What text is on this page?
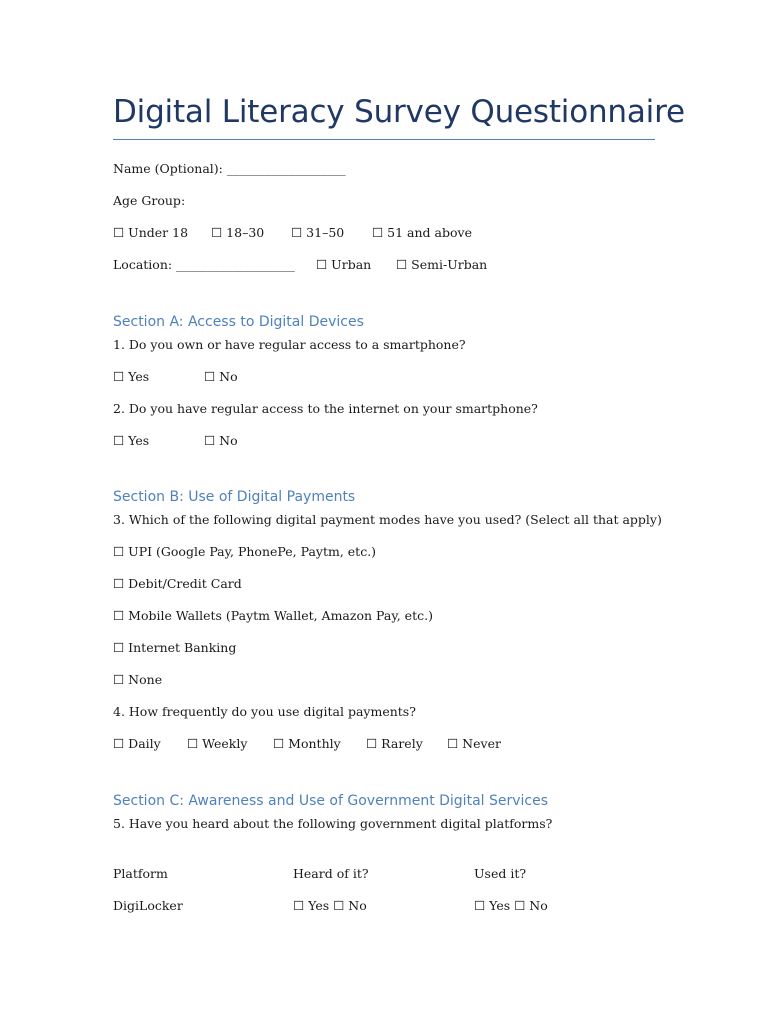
Digital Literacy Survey Questionnaire
Name (Optional): ___________________
Age Group:
☐ Under 18 ☐ 18–30 ☐ 31–50 ☐ 51 and above
Location: ___________________ ☐ Urban ☐ Semi-Urban
Section A: Access to Digital Devices
1. Do you own or have regular access to a smartphone?
☐ Yes	☐ No
2. Do you have regular access to the internet on your smartphone?
☐ Yes	☐ No
Section B: Use of Digital Payments
3. Which of the following digital payment modes have you used? (Select all that apply)
☐ UPI (Google Pay, PhonePe, Paytm, etc.)
☐ Debit/Credit Card
☐ Mobile Wallets (Paytm Wallet, Amazon Pay, etc.)
☐ Internet Banking
☐ None
4. How frequently do you use digital payments?
☐ Daily ☐ Weekly ☐ Monthly ☐ Rarely ☐ Never
Section C: Awareness and Use of Government Digital Services
5. Have you heard about the following government digital platforms?
Platform	Heard of it?	Used it?
DigiLocker	☐ Yes ☐ No	☐ Yes ☐ No
